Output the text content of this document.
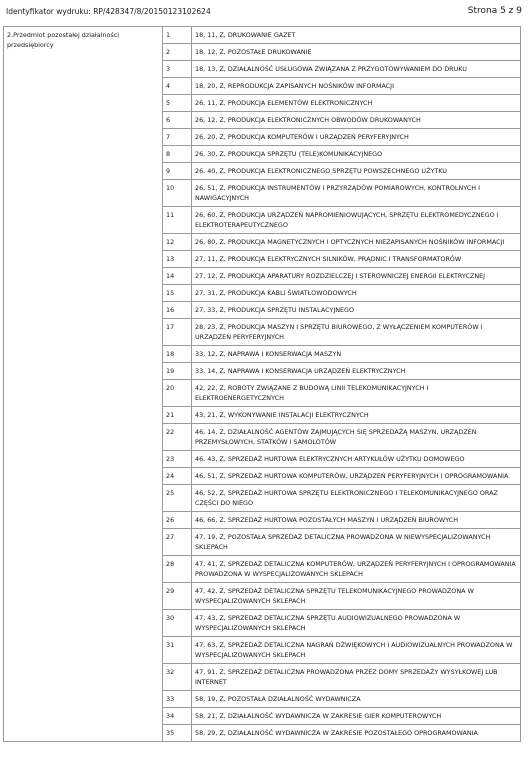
Identyfikator wydruku: RP/428347/8/20150123102624	Strona 5 z 9
2.Przedmiot pozostałej działalności przedsiębiorcy	1	18, 11, Z, DRUKOWANIE GAZET
	2	18, 12, Z, POZOSTAŁE DRUKOWANIE
	3	18, 13, Z, DZIAŁALNOŚĆ USŁUGOWA ZWIĄZANA Z PRZYGOTOWYWANIEM DO DRUKU
	4	18, 20, Z, REPRODUKCJA ZAPISANYCH NOŚNIKÓW INFORMACJI
	5	26, 11, Z, PRODUKCJA ELEMENTÓW ELEKTRONICZNYCH
	6	26, 12, Z, PRODUKCJA ELEKTRONICZNYCH OBWODÓW DRUKOWANYCH
	7	26, 20, Z, PRODUKCJA KOMPUTERÓW I URZĄDZEŃ PERYFERYJNYCH
	8	26, 30, Z, PRODUKCJA SPRZĘTU (TELE)KOMUNIKACYJNEGO
	9	26, 40, Z, PRODUKCJA ELEKTRONICZNEGO SPRZĘTU POWSZECHNEGO UŻYTKU
	10	26, 51, Z, PRODUKCJA INSTRUMENTÓW I PRZYRZĄDÓW POMIAROWYCH, KONTROLNYCH I NAWIGACYJNYCH
	11	26, 60, Z, PRODUKCJA URZĄDZEŃ NAPROMIENIOWUJĄCYCH, SPRZĘTU ELEKTROMEDYCZNEGO I ELEKTROTERAPEUTYCZNEGO
	12	26, 80, Z, PRODUKCJA MAGNETYCZNYCH I OPTYCZNYCH NIEZAPISANYCH NOŚNIKÓW INFORMACJI
	13	27, 11, Z, PRODUKCJA ELEKTRYCZNYCH SILNIKÓW, PRĄDNIC I TRANSFORMATORÓW
	14	27, 12, Z, PRODUKCJA APARATURY ROZDZIELCZEJ I STEROWNICZEJ ENERGII ELEKTRYCZNEJ
	15	27, 31, Z, PRODUKCJA KABLI ŚWIATŁOWODOWYCH
	16	27, 33, Z, PRODUKCJA SPRZĘTU INSTALACYJNEGO
	17	28, 23, Z, PRODUKCJA MASZYN I SPRZĘTU BIUROWEGO, Z WYŁĄCZENIEM KOMPUTERÓW I URZĄDZEŃ PERYFERYJNYCH
	18	33, 12, Z, NAPRAWA I KONSERWACJA MASZYN
	19	33, 14, Z, NAPRAWA I KONSERWACJA URZĄDZEŃ ELEKTRYCZNYCH
	20	42, 22, Z, ROBOTY ZWIĄZANE Z BUDOWĄ LINII TELEKOMUNIKACYJNYCH I ELEKTROENERGETYCZNYCH
	21	43, 21, Z, WYKONYWANIE INSTALACJI ELEKTRYCZNYCH
	22	46, 14, Z, DZIAŁALNOŚĆ AGENTÓW ZAJMUJĄCYCH SIĘ SPRZEDAŻĄ MASZYN, URZĄDZEŃ PRZEMYSŁOWYCH, STATKÓW I SAMOLOTÓW
	23	46, 43, Z, SPRZEDAŻ HURTOWA ELEKTRYCZNYCH ARTYKUŁÓW UŻYTKU DOMOWEGO
	24	46, 51, Z, SPRZEDAŻ HURTOWA KOMPUTERÓW, URZĄDZEŃ PERYFERYJNYCH I OPROGRAMOWANIA
	25	46, 52, Z, SPRZEDAŻ HURTOWA SPRZĘTU ELEKTRONICZNEGO I TELEKOMUNIKACYJNEGO ORAZ CZĘŚCI DO NIEGO
	26	46, 66, Z, SPRZEDAŻ HURTOWA POZOSTAŁYCH MASZYN I URZĄDZEŃ BIUROWYCH
	27	47, 19, Z, POZOSTAŁA SPRZEDAŻ DETALICZNA PROWADZONA W NIEWYSPECJALIZOWANYCH SKLEPACH
	28	47, 41, Z, SPRZEDAŻ DETALICZNA KOMPUTERÓW, URZĄDZEŃ PERYFERYJNYCH I OPROGRAMOWANIA PROWADZONA W WYSPECJALIZOWANYCH SKLEPACH
	29	47, 42, Z, SPRZEDAŻ DETALICZNA SPRZĘTU TELEKOMUNIKACYJNEGO PROWADZONA W WYSPECJALIZOWANYCH SKLEPACH
	30	47, 43, Z, SPRZEDAŻ DETALICZNA SPRZĘTU AUDIOWIZUALNEGO PROWADZONA W WYSPECJALIZOWANYCH SKLEPACH
	31	47, 63, Z, SPRZEDAŻ DETALICZNA NAGRAŃ DŹWIĘKOWYCH I AUDIOWIZUALNYCH PROWADZONA W WYSPECJALIZOWANYCH SKLEPACH
	32	47, 91, Z, SPRZEDAŻ DETALICZNA PROWADZONA PRZEZ DOMY SPRZEDAŻY WYSYŁKOWEJ LUB INTERNET
	33	58, 19, Z, POZOSTAŁA DZIAŁALNOŚĆ WYDAWNICZA
	34	58, 21, Z, DZIAŁALNOŚĆ WYDAWNICZA W ZAKRESIE GIER KOMPUTEROWYCH
	35	58, 29, Z, DZIAŁALNOŚĆ WYDAWNICZA W ZAKRESIE POZOSTAŁEGO OPROGRAMOWANIA
